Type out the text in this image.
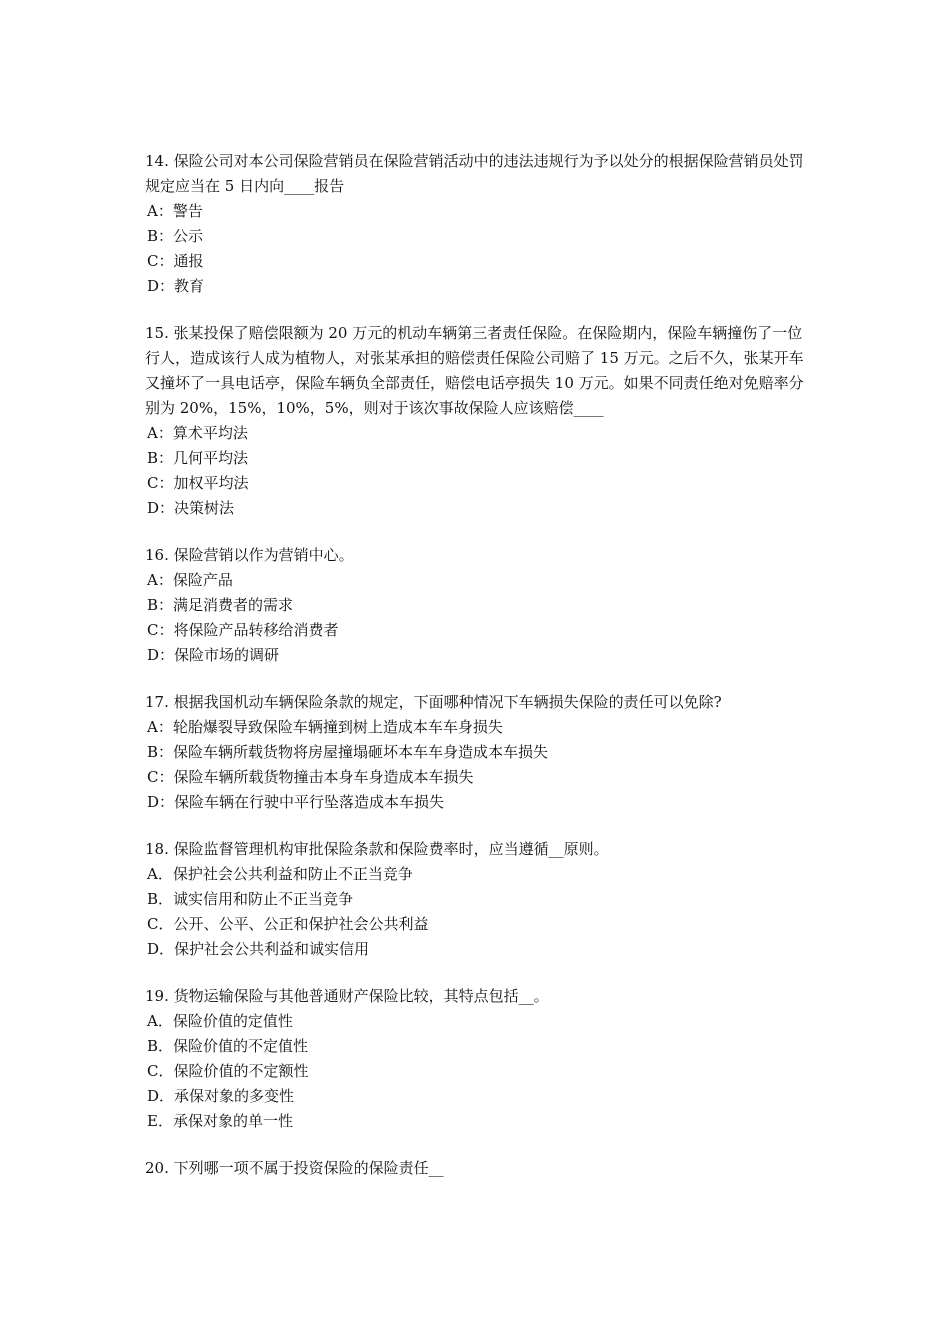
14. 保险公司对本公司保险营销员在保险营销活动中的违法违规行为予以处分的根据保险营销员处罚规定应当在 5 日内向____报告

A：警告

B：公示

C：通报

D：教育

15. 张某投保了赔偿限额为 20 万元的机动车辆第三者责任保险。在保险期内，保险车辆撞伤了一位行人，造成该行人成为植物人，对张某承担的赔偿责任保险公司赔了 15 万元。之后不久，张某开车又撞坏了一具电话亭，保险车辆负全部责任，赔偿电话亭损失 10 万元。如果不同责任绝对免赔率分别为 20%，15%，10%，5%，则对于该次事故保险人应该赔偿____

A：算术平均法

B：几何平均法

C：加权平均法

D：决策树法

16. 保险营销以作为营销中心。

A：保险产品

B：满足消费者的需求

C：将保险产品转移给消费者

D：保险市场的调研

17. 根据我国机动车辆保险条款的规定，下面哪种情况下车辆损失保险的责任可以免除?

A：轮胎爆裂导致保险车辆撞到树上造成本车车身损失

B：保险车辆所载货物将房屋撞塌砸坏本车车身造成本车损失

C：保险车辆所载货物撞击本身车身造成本车损失

D：保险车辆在行驶中平行坠落造成本车损失

18. 保险监督管理机构审批保险条款和保险费率时，应当遵循__原则。

A．保护社会公共利益和防止不正当竞争

B．诚实信用和防止不正当竞争

C．公开、公平、公正和保护社会公共利益

D．保护社会公共利益和诚实信用

19. 货物运输保险与其他普通财产保险比较，其特点包括__。

A．保险价值的定值性

B．保险价值的不定值性

C．保险价值的不定额性

D．承保对象的多变性

E．承保对象的单一性

20. 下列哪一项不属于投资保险的保险责任__
